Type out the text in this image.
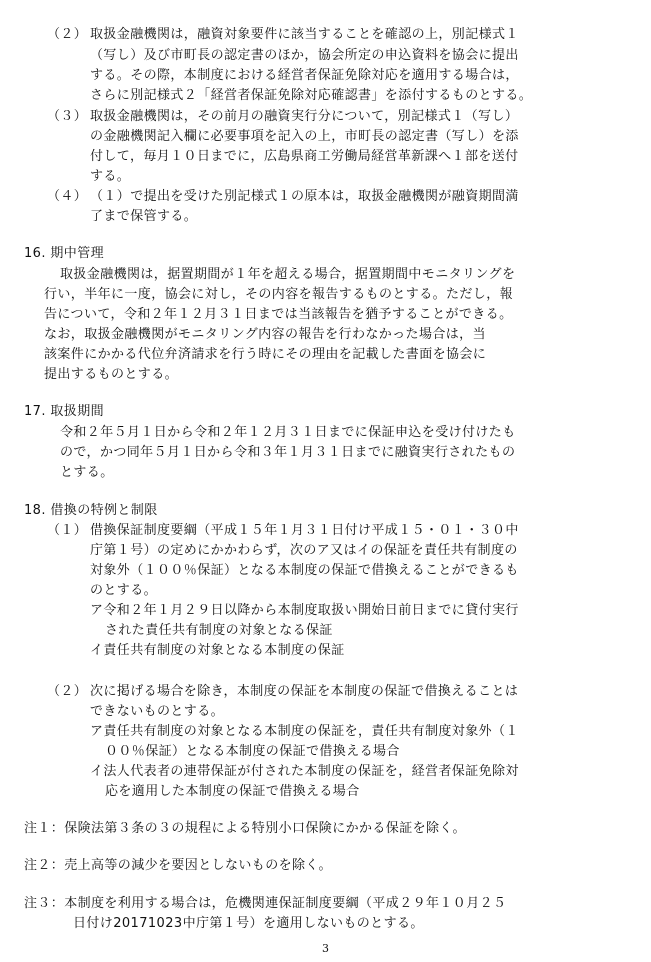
（２） 取扱金融機関は，融資対象要件に該当することを確認の上，別記様式１
（写し）及び市町長の認定書のほか，協会所定の申込資料を協会に提出
する。その際，本制度における経営者保証免除対応を適用する場合は，
さらに別記様式２「経営者保証免除対応確認書」を添付するものとする。
（３） 取扱金融機関は，その前月の融資実行分について，別記様式１（写し）
の金融機関記入欄に必要事項を記入の上，市町長の認定書（写し）を添
付して，毎月１０日までに，広島県商工労働局経営革新課へ１部を送付
する。
（４） （１）で提出を受けた別記様式１の原本は，取扱金融機関が融資期間満
了まで保管する。
16. 期中管理
取扱金融機関は，据置期間が１年を超える場合，据置期間中モニタリングを
行い，半年に一度，協会に対し，その内容を報告するものとする。ただし，報
告について，令和２年１２月３１日までは当該報告を猶予することができる。
なお，取扱金融機関がモニタリング内容の報告を行わなかった場合は，当
該案件にかかる代位弁済請求を行う時にその理由を記載した書面を協会に
提出するものとする。
17. 取扱期間
令和２年５月１日から令和２年１２月３１日までに保証申込を受け付けたも
ので，かつ同年５月１日から令和３年１月３１日までに融資実行されたもの
とする。
18. 借換の特例と制限
（１） 借換保証制度要綱（平成１５年１月３１日付け平成１５・０１・３０中
庁第１号）の定めにかかわらず，次のア又はイの保証を責任共有制度の
対象外（１００％保証）となる本制度の保証で借換えることができるも
のとする。
ア令和２年１月２９日以降から本制度取扱い開始日前日までに貸付実行
された責任共有制度の対象となる保証
イ責任共有制度の対象となる本制度の保証
（２） 次に掲げる場合を除き，本制度の保証を本制度の保証で借換えることは
できないものとする。
ア責任共有制度の対象となる本制度の保証を，責任共有制度対象外（１
００％保証）となる本制度の保証で借換える場合
イ法人代表者の連帯保証が付された本制度の保証を，経営者保証免除対
応を適用した本制度の保証で借換える場合
注１：保険法第３条の３の規程による特別小口保険にかかる保証を除く。
注２：売上高等の減少を要因としないものを除く。
注３：本制度を利用する場合は，危機関連保証制度要綱（平成２９年１０月２５
日付け20171023中庁第１号）を適用しないものとする。
3
